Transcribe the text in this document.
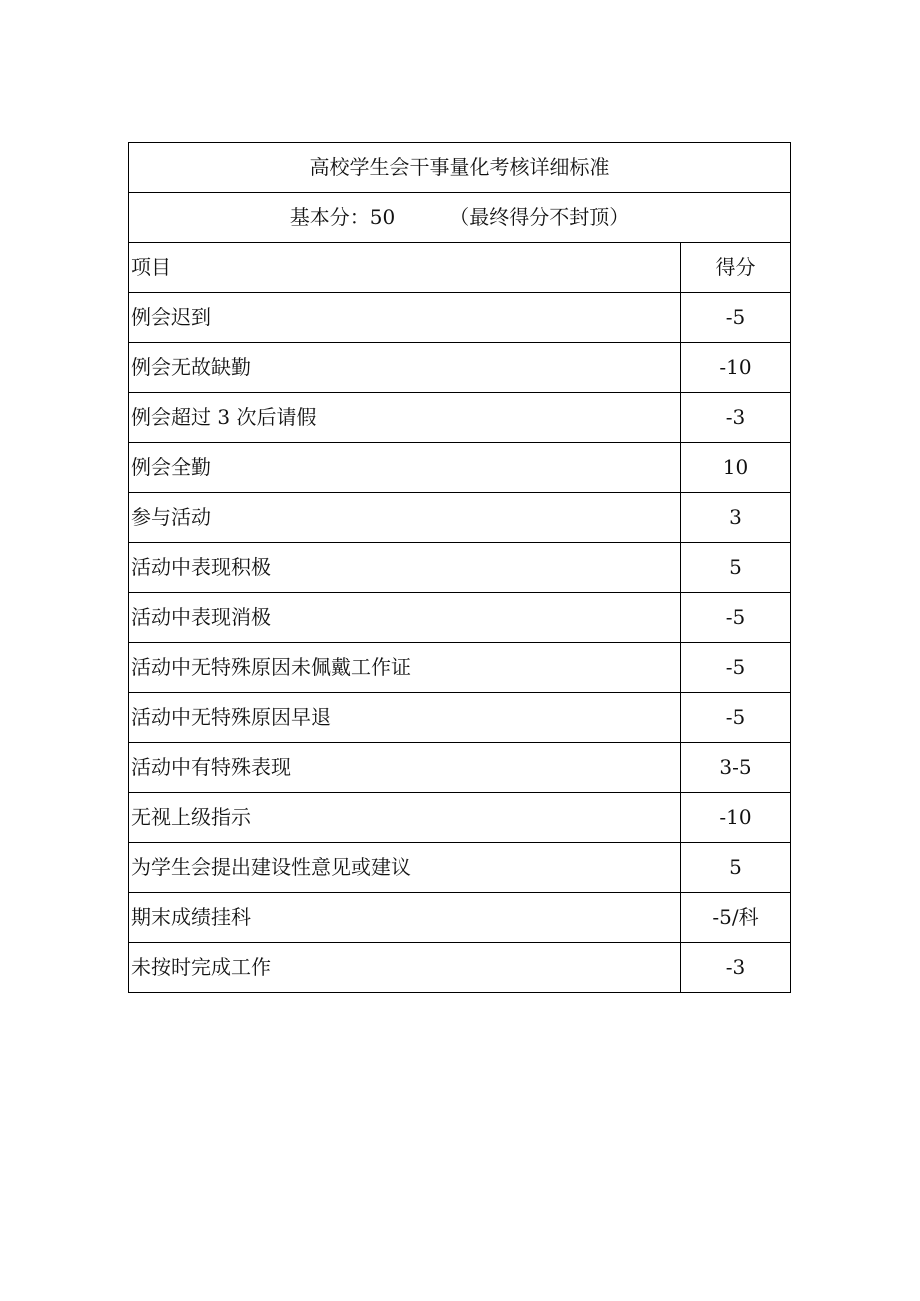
高校学生会干事量化考核详细标准	
基本分：50 （最终得分不封顶）	
项目	得分
例会迟到	-5
例会无故缺勤	-10
例会超过 3 次后请假	-3
例会全勤	10
参与活动	3
活动中表现积极	5
活动中表现消极	-5
活动中无特殊原因未佩戴工作证	-5
活动中无特殊原因早退	-5
活动中有特殊表现	3-5
无视上级指示	-10
为学生会提出建设性意见或建议	5
期末成绩挂科	-5/科
未按时完成工作	-3
